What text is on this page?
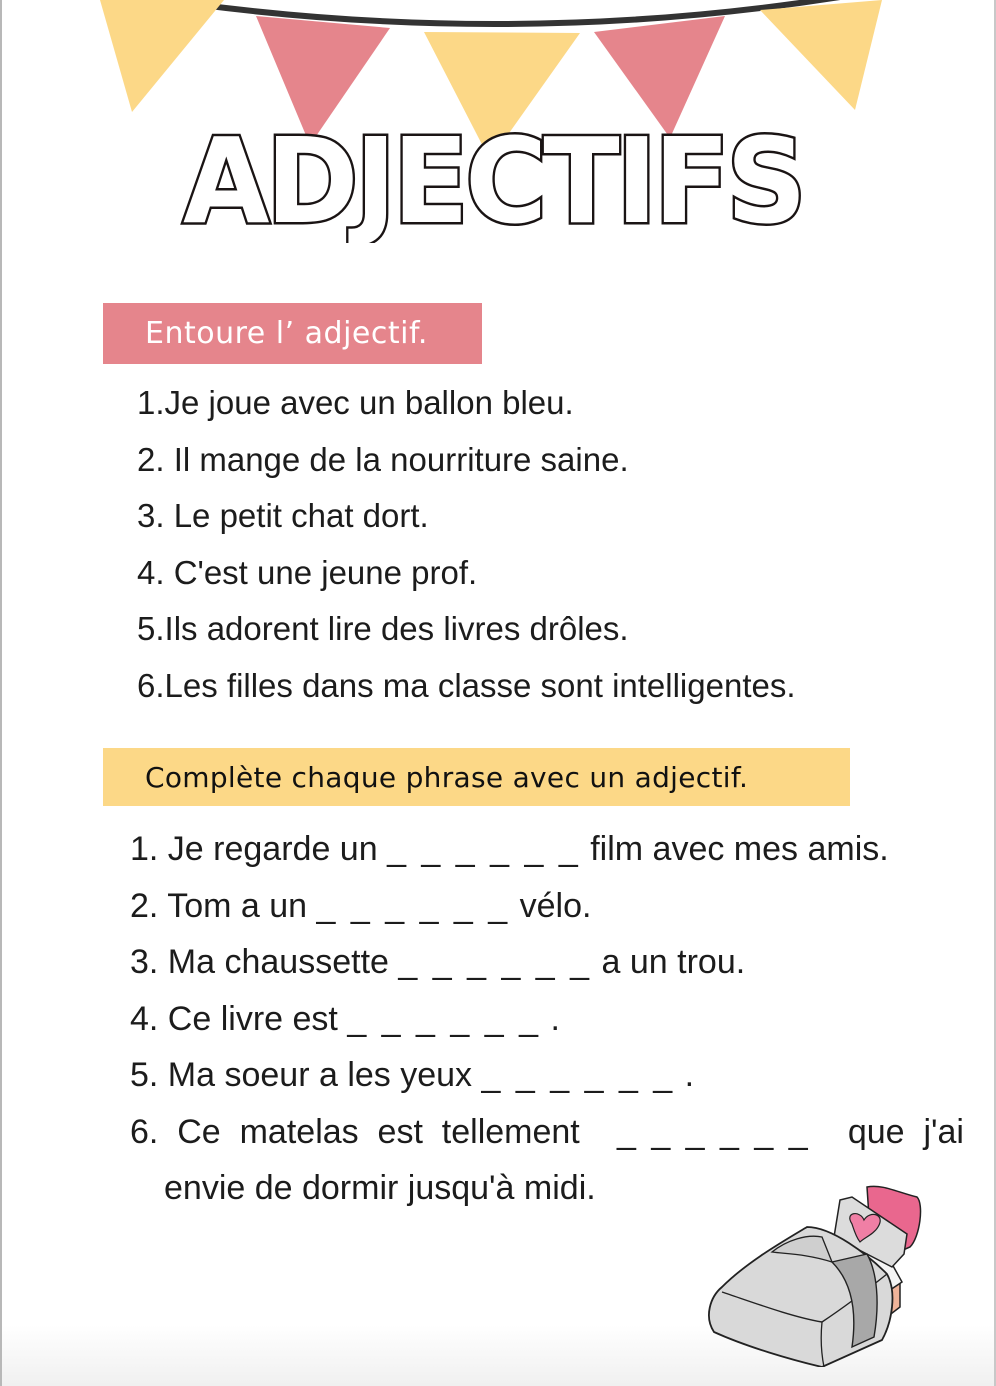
ADJECTIFS
Entoure l’ adjectif.
1.Je joue avec un ballon bleu.
2. Il mange de la nourriture saine.
3. Le petit chat dort.
4. C'est une jeune prof.
5.Ils adorent lire des livres drôles.
6.Les filles dans ma classe sont intelligentes.
Complète chaque phrase avec un adjectif.
1. Je regarde un _ _ _ _ _ _ film avec mes amis.
2. Tom a un _ _ _ _ _ _ vélo.
3. Ma chaussette _ _ _ _ _ _ a un trou.
4. Ce livre est _ _ _ _ _ _ .
5. Ma soeur a les yeux _ _ _ _ _ _ .
6.  Ce  matelas  est  tellement _ _ _ _ _ _ que  j'ai
envie de dormir jusqu'à midi.
